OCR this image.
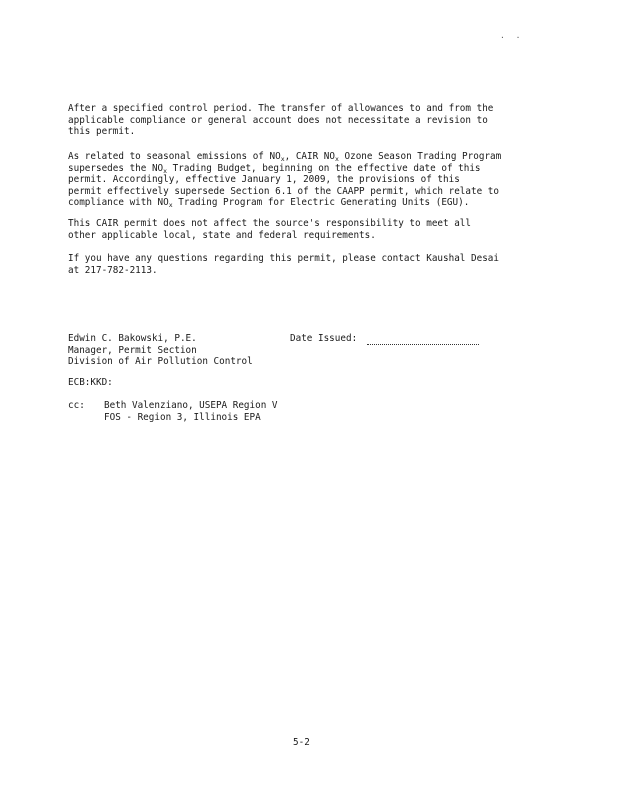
. .
After a specified control period. The transfer of allowances to and from the
applicable compliance or general account does not necessitate a revision to
this permit.
As related to seasonal emissions of $NO_x$, CAIR $NO_x$ Ozone Season Trading Program
supersedes the $NO_x$ Trading Budget, beginning on the effective date of this
permit. Accordingly, effective January 1, 2009, the provisions of this
permit effectively supersede Section 6.1 of the CAAPP permit, which relate to
compliance with $NO_x$ Trading Program for Electric Generating Units (EGU).
This CAIR permit does not affect the source's responsibility to meet all
other applicable local, state and federal requirements.
If you have any questions regarding this permit, please contact Kaushal Desai
at 217-782-2113.
Edwin C. Bakowski, P.E.
Manager, Permit Section
Division of Air Pollution Control
Date Issued:
ECB:KKD:
cc: Beth Valenziano, USEPA Region V
FOS - Region 3, Illinois EPA
5-2
